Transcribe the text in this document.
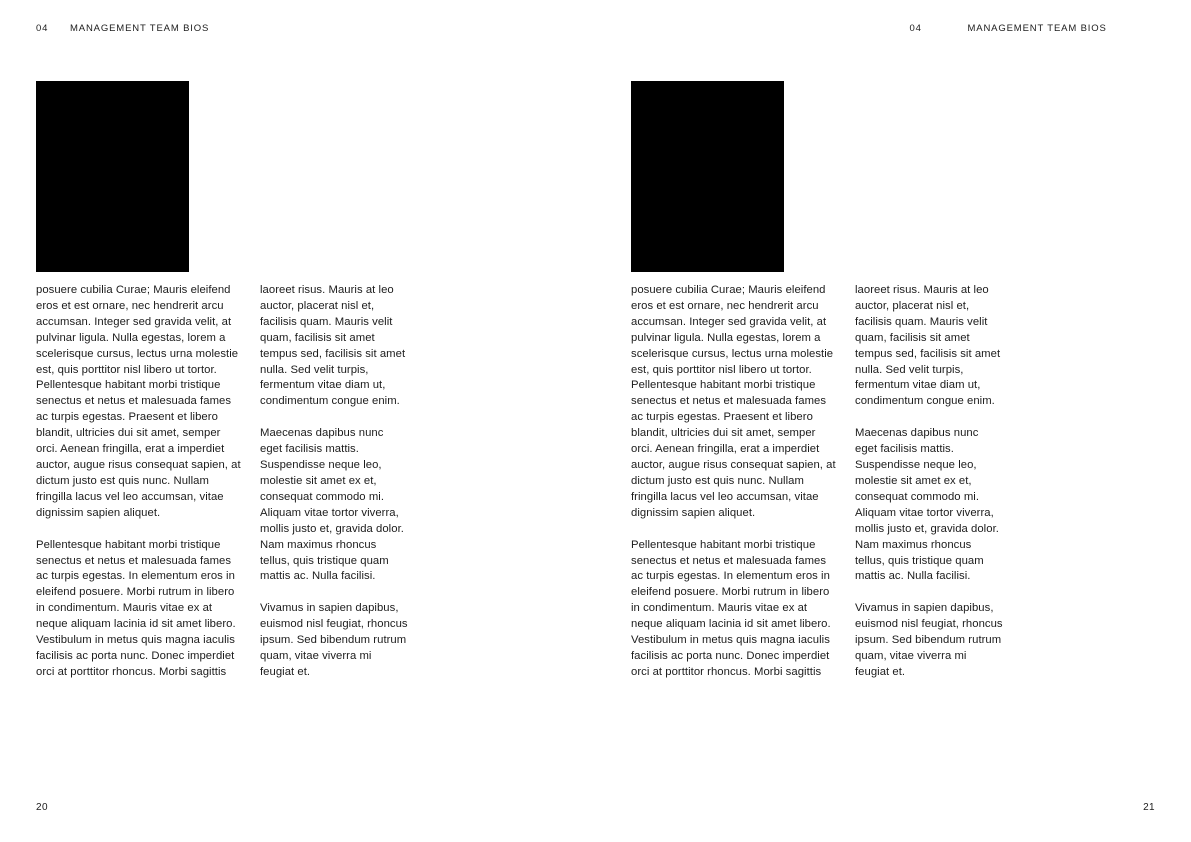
04	MANAGEMENT TEAM BIOS

posuere cubilia Curae; Mauris eleifend eros et est ornare, nec hendrerit arcu accumsan. Integer sed gravida velit, at pulvinar ligula. Nulla egestas, lorem a scelerisque cursus, lectus urna molestie est, quis porttitor nisl libero ut tortor. Pellentesque habitant morbi tristique senectus et netus et malesuada fames ac turpis egestas. Praesent et libero blandit, ultricies dui sit amet, semper orci. Aenean fringilla, erat a imperdiet auctor, augue risus consequat sapien, at dictum justo est quis nunc. Nullam fringilla lacus vel leo accumsan, vitae dignissim sapien aliquet.

Pellentesque habitant morbi tristique senectus et netus et malesuada fames ac turpis egestas. In elementum eros in eleifend posuere. Morbi rutrum in libero in condimentum. Mauris vitae ex at neque aliquam lacinia id sit amet libero. Vestibulum in metus quis magna iaculis facilisis ac porta nunc. Donec imperdiet orci at porttitor rhoncus. Morbi sagittis

laoreet risus. Mauris at leo auctor, placerat nisl et, facilisis quam. Mauris velit quam, facilisis sit amet tempus sed, facilisis sit amet nulla. Sed velit turpis, fermentum vitae diam ut, condimentum congue enim.

Maecenas dapibus nunc eget facilisis mattis. Suspendisse neque leo, molestie sit amet ex et, consequat commodo mi. Aliquam vitae tortor viverra, mollis justo et, gravida dolor. Nam maximus rhoncus tellus, quis tristique quam mattis ac. Nulla facilisi.

Vivamus in sapien dapibus, euismod nisl feugiat, rhoncus ipsum. Sed bibendum rutrum quam, vitae viverra mi feugiat et.

20
04	MANAGEMENT TEAM BIOS

posuere cubilia Curae; Mauris eleifend eros et est ornare, nec hendrerit arcu accumsan. Integer sed gravida velit, at pulvinar ligula. Nulla egestas, lorem a scelerisque cursus, lectus urna molestie est, quis porttitor nisl libero ut tortor. Pellentesque habitant morbi tristique senectus et netus et malesuada fames ac turpis egestas. Praesent et libero blandit, ultricies dui sit amet, semper orci. Aenean fringilla, erat a imperdiet auctor, augue risus consequat sapien, at dictum justo est quis nunc. Nullam fringilla lacus vel leo accumsan, vitae dignissim sapien aliquet.

Pellentesque habitant morbi tristique senectus et netus et malesuada fames ac turpis egestas. In elementum eros in eleifend posuere. Morbi rutrum in libero in condimentum. Mauris vitae ex at neque aliquam lacinia id sit amet libero. Vestibulum in metus quis magna iaculis facilisis ac porta nunc. Donec imperdiet orci at porttitor rhoncus. Morbi sagittis

laoreet risus. Mauris at leo auctor, placerat nisl et, facilisis quam. Mauris velit quam, facilisis sit amet tempus sed, facilisis sit amet nulla. Sed velit turpis, fermentum vitae diam ut, condimentum congue enim.

Maecenas dapibus nunc eget facilisis mattis. Suspendisse neque leo, molestie sit amet ex et, consequat commodo mi. Aliquam vitae tortor viverra, mollis justo et, gravida dolor. Nam maximus rhoncus tellus, quis tristique quam mattis ac. Nulla facilisi.

Vivamus in sapien dapibus, euismod nisl feugiat, rhoncus ipsum. Sed bibendum rutrum quam, vitae viverra mi feugiat et.

21
